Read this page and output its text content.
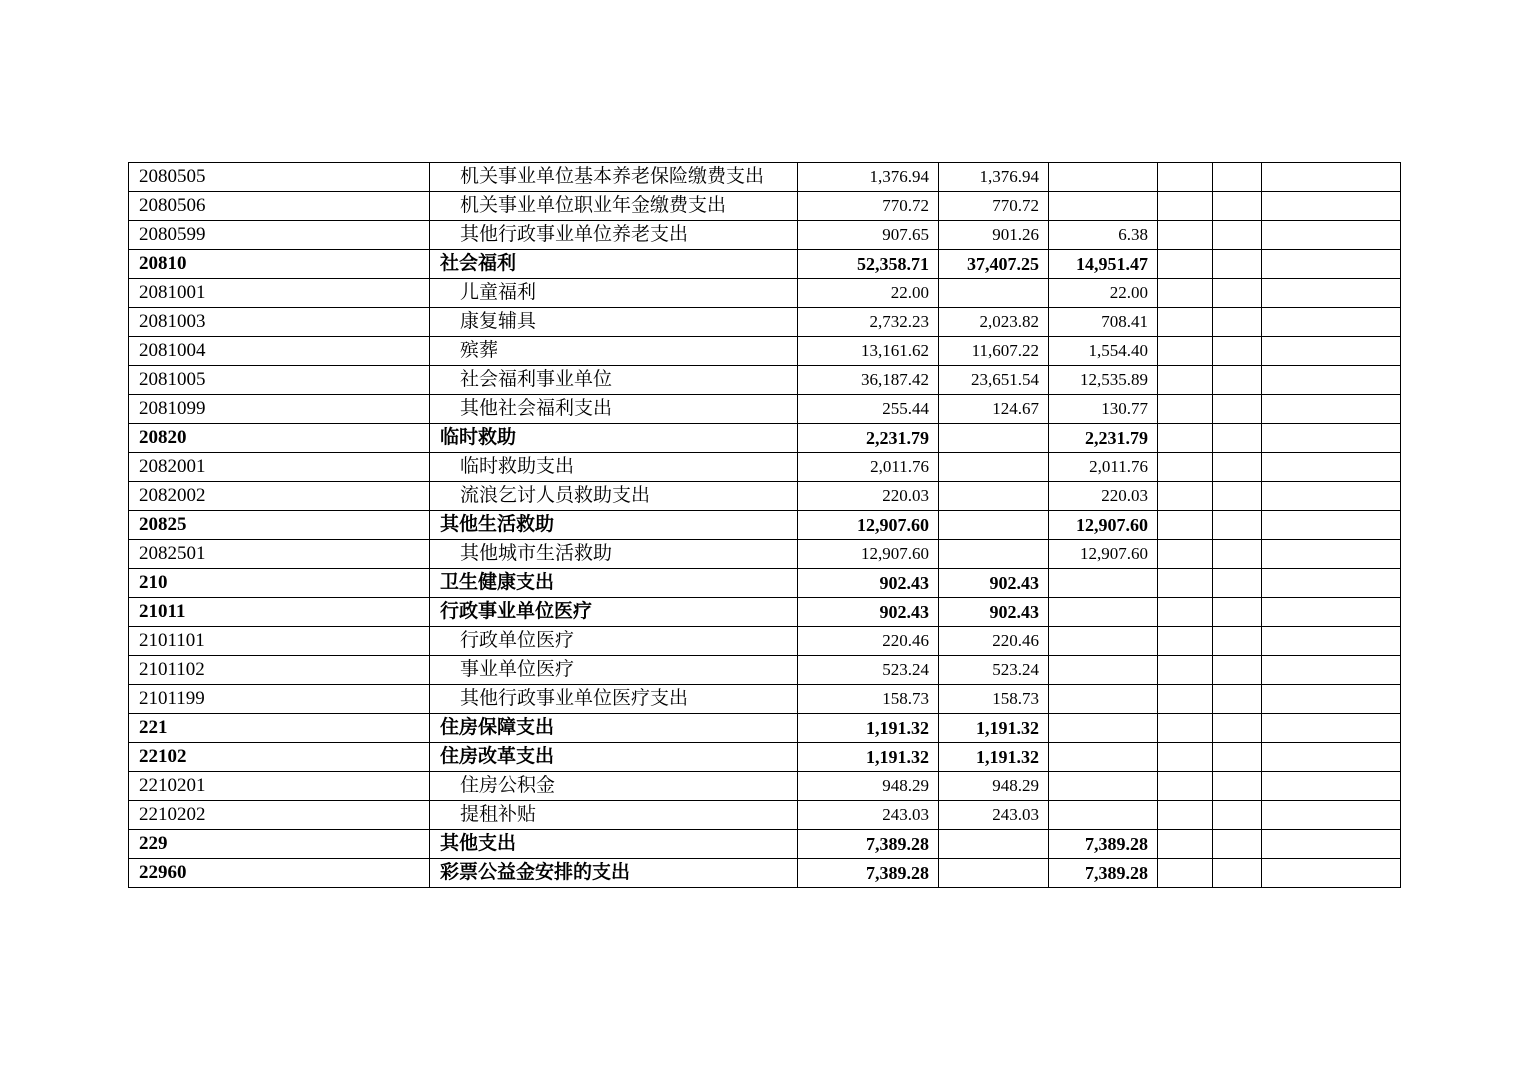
2080505	机关事业单位基本养老保险缴费支出	1,376.94	1,376.94				
2080506	机关事业单位职业年金缴费支出	770.72	770.72				
2080599	其他行政事业单位养老支出	907.65	901.26	6.38			
20810	社会福利	52,358.71	37,407.25	14,951.47			
2081001	儿童福利	22.00		22.00			
2081003	康复辅具	2,732.23	2,023.82	708.41			
2081004	殡葬	13,161.62	11,607.22	1,554.40			
2081005	社会福利事业单位	36,187.42	23,651.54	12,535.89			
2081099	其他社会福利支出	255.44	124.67	130.77			
20820	临时救助	2,231.79		2,231.79			
2082001	临时救助支出	2,011.76		2,011.76			
2082002	流浪乞讨人员救助支出	220.03		220.03			
20825	其他生活救助	12,907.60		12,907.60			
2082501	其他城市生活救助	12,907.60		12,907.60			
210	卫生健康支出	902.43	902.43				
21011	行政事业单位医疗	902.43	902.43				
2101101	行政单位医疗	220.46	220.46				
2101102	事业单位医疗	523.24	523.24				
2101199	其他行政事业单位医疗支出	158.73	158.73				
221	住房保障支出	1,191.32	1,191.32				
22102	住房改革支出	1,191.32	1,191.32				
2210201	住房公积金	948.29	948.29				
2210202	提租补贴	243.03	243.03				
229	其他支出	7,389.28		7,389.28			
22960	彩票公益金安排的支出	7,389.28		7,389.28			
